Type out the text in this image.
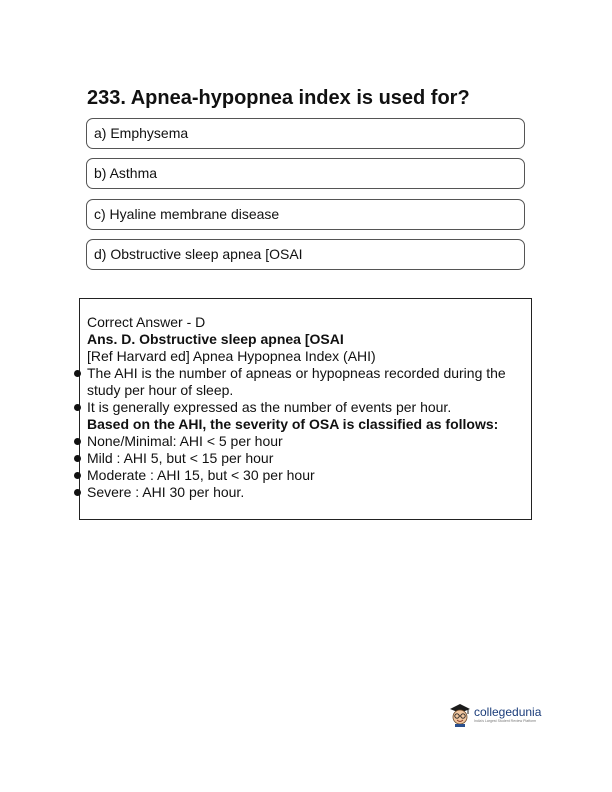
233. Apnea-hypopnea index is used for?
a) Emphysema
b) Asthma
c) Hyaline membrane disease
d) Obstructive sleep apnea [OSAI
Correct Answer - D
Ans. D. Obstructive sleep apnea [OSAI
[Ref Harvard ed] Apnea Hypopnea Index (AHI)
The AHI is the number of apneas or hypopneas recorded during the study per hour of sleep.
It is generally expressed as the number of events per hour.
Based on the AHI, the severity of OSA is classified as follows:
None/Minimal: AHI < 5 per hour
Mild : AHI 5, but < 15 per hour
Moderate : AHI 15, but < 30 per hour
Severe : AHI 30 per hour.
collegedunia
India's Largest Student Review Platform
